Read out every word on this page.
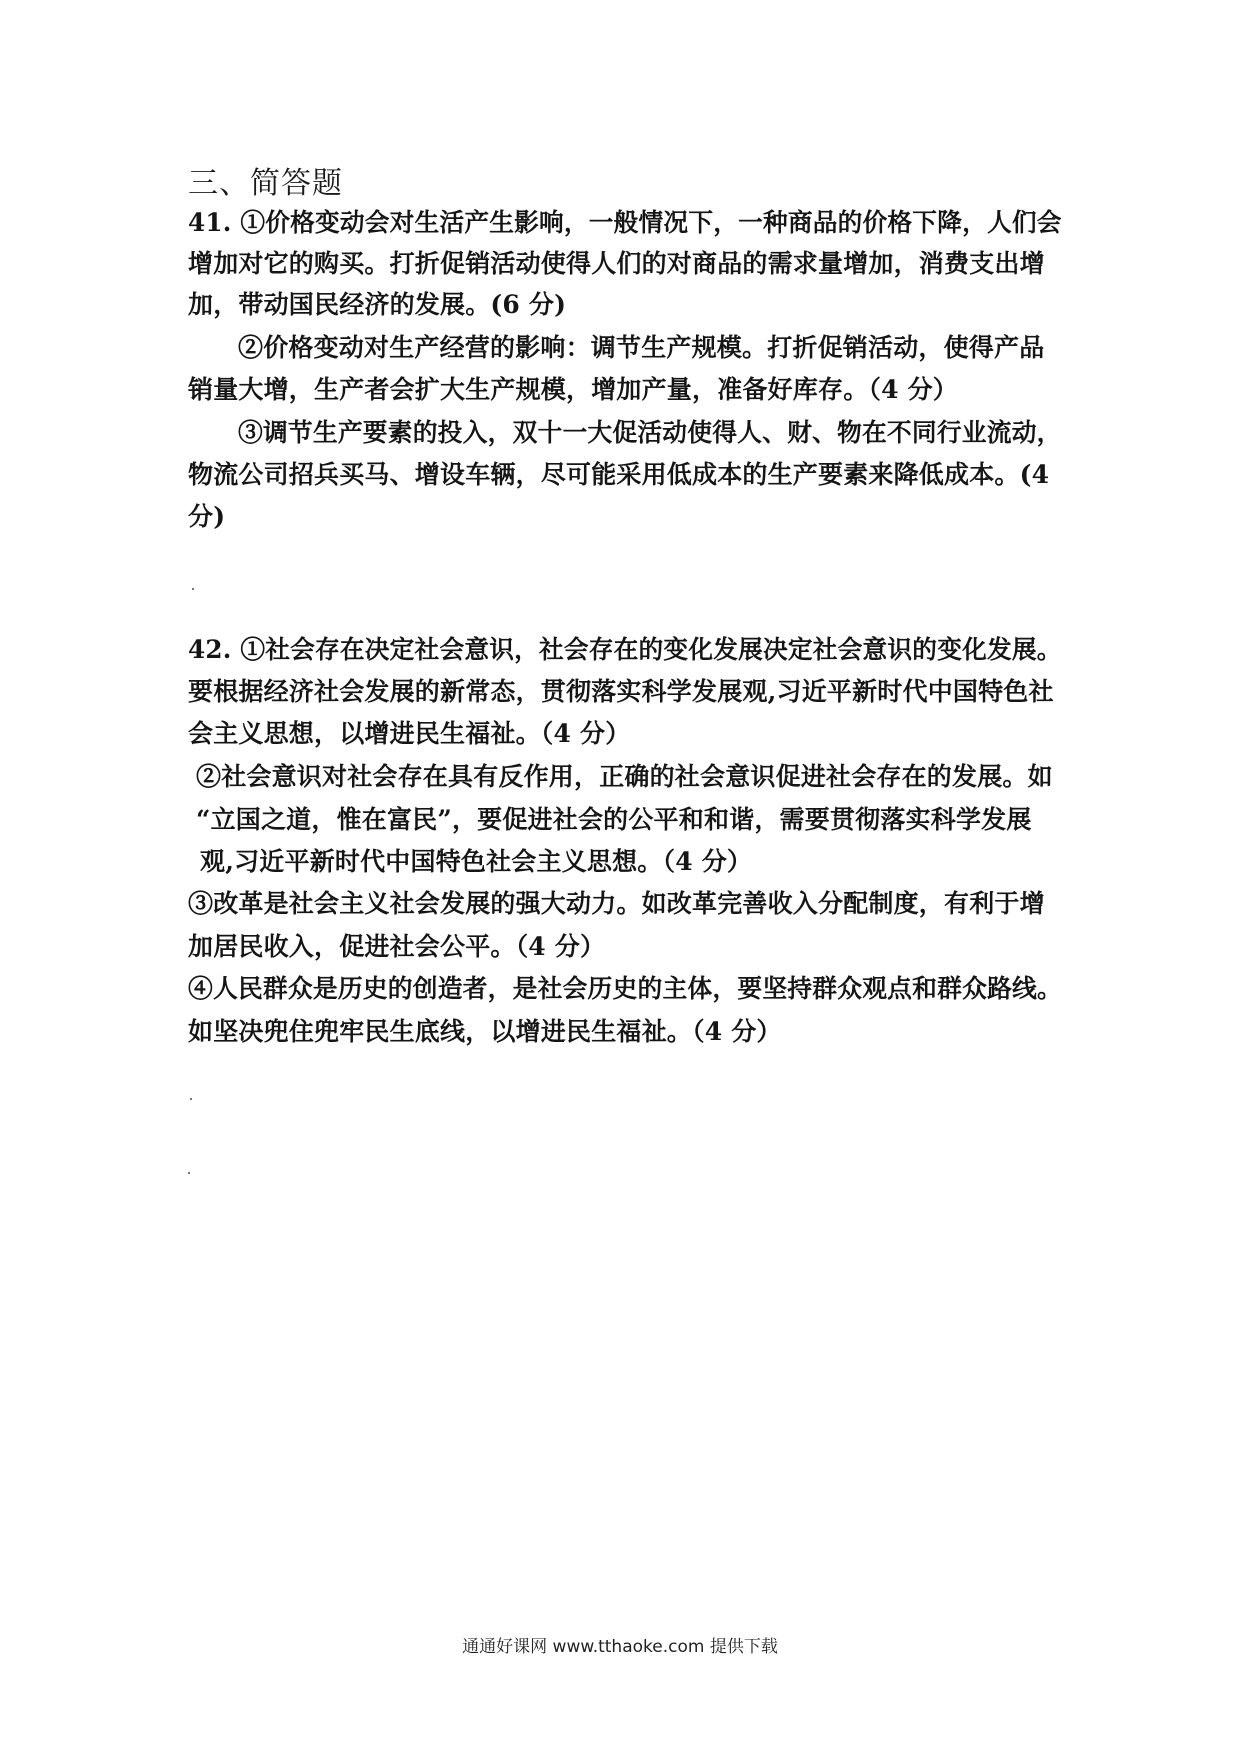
三、简答题
41. ①价格变动会对生活产生影响，一般情况下，一种商品的价格下降，人们会
增加对它的购买。打折促销活动使得人们的对商品的需求量增加，消费支出增
加，带动国民经济的发展。(6 分)
②价格变动对生产经营的影响：调节生产规模。打折促销活动，使得产品
销量大增，生产者会扩大生产规模，增加产量，准备好库存。（4 分）
③调节生产要素的投入，双十一大促活动使得人、财、物在不同行业流动，
物流公司招兵买马、增设车辆，尽可能采用低成本的生产要素来降低成本。(4
分)
42. ①社会存在决定社会意识，社会存在的变化发展决定社会意识的变化发展。
要根据经济社会发展的新常态，贯彻落实科学发展观,习近平新时代中国特色社
会主义思想，以增进民生福祉。（4 分）
②社会意识对社会存在具有反作用，正确的社会意识促进社会存在的发展。如
“立国之道，惟在富民”，要促进社会的公平和和谐，需要贯彻落实科学发展
观,习近平新时代中国特色社会主义思想。（4 分）
③改革是社会主义社会发展的强大动力。如改革完善收入分配制度，有利于增
加居民收入，促进社会公平。（4 分）
④人民群众是历史的创造者，是社会历史的主体，要坚持群众观点和群众路线。
如坚决兜住兜牢民生底线，以增进民生福祉。（4 分）
通通好课网 www.tthaoke.com 提供下载
